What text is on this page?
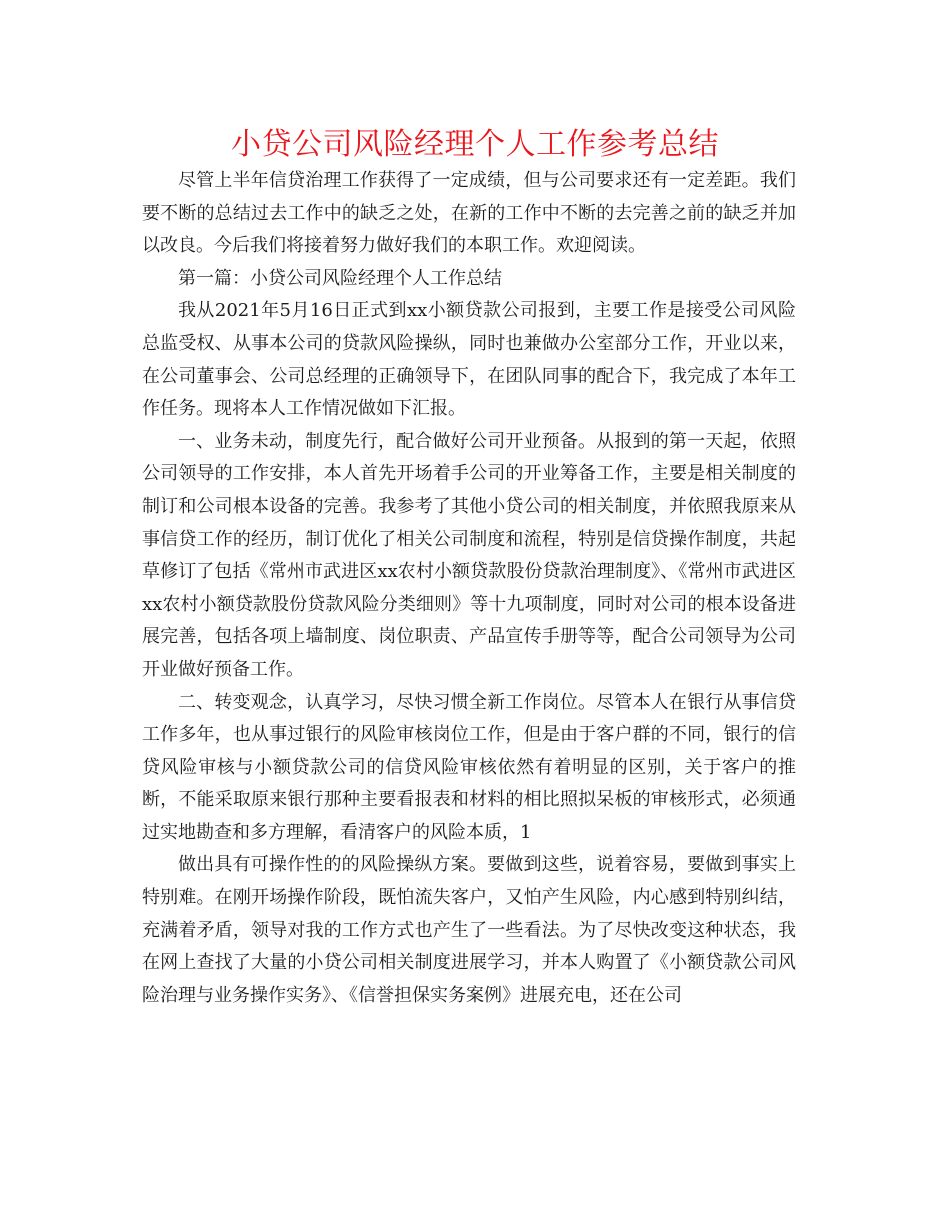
小贷公司风险经理个人工作参考总结

尽管上半年信贷治理工作获得了一定成绩，但与公司要求还有一定差距。我们要不断的总结过去工作中的缺乏之处，在新的工作中不断的去完善之前的缺乏并加以改良。今后我们将接着努力做好我们的本职工作。欢迎阅读。

第一篇：小贷公司风险经理个人工作总结

我从2021年5月16日正式到xx小额贷款公司报到，主要工作是接受公司风险总监受权、从事本公司的贷款风险操纵，同时也兼做办公室部分工作，开业以来，在公司董事会、公司总经理的正确领导下，在团队同事的配合下，我完成了本年工作任务。现将本人工作情况做如下汇报。

一、业务未动，制度先行，配合做好公司开业预备。从报到的第一天起，依照公司领导的工作安排，本人首先开场着手公司的开业筹备工作，主要是相关制度的制订和公司根本设备的完善。我参考了其他小贷公司的相关制度，并依照我原来从事信贷工作的经历，制订优化了相关公司制度和流程，特别是信贷操作制度，共起草修订了包括《常州市武进区xx农村小额贷款股份贷款治理制度》、《常州市武进区xx农村小额贷款股份贷款风险分类细则》等十九项制度，同时对公司的根本设备进展完善，包括各项上墙制度、岗位职责、产品宣传手册等等，配合公司领导为公司开业做好预备工作。

二、转变观念，认真学习，尽快习惯全新工作岗位。尽管本人在银行从事信贷工作多年，也从事过银行的风险审核岗位工作，但是由于客户群的不同，银行的信贷风险审核与小额贷款公司的信贷风险审核依然有着明显的区别，关于客户的推断，不能采取原来银行那种主要看报表和材料的相比照拟呆板的审核形式，必须通过实地勘查和多方理解，看清客户的风险本质，1

做出具有可操作性的的风险操纵方案。要做到这些，说着容易，要做到事实上特别难。在刚开场操作阶段，既怕流失客户，又怕产生风险，内心感到特别纠结，充满着矛盾，领导对我的工作方式也产生了一些看法。为了尽快改变这种状态，我在网上查找了大量的小贷公司相关制度进展学习，并本人购置了《小额贷款公司风险治理与业务操作实务》、《信誉担保实务案例》进展充电，还在公司
